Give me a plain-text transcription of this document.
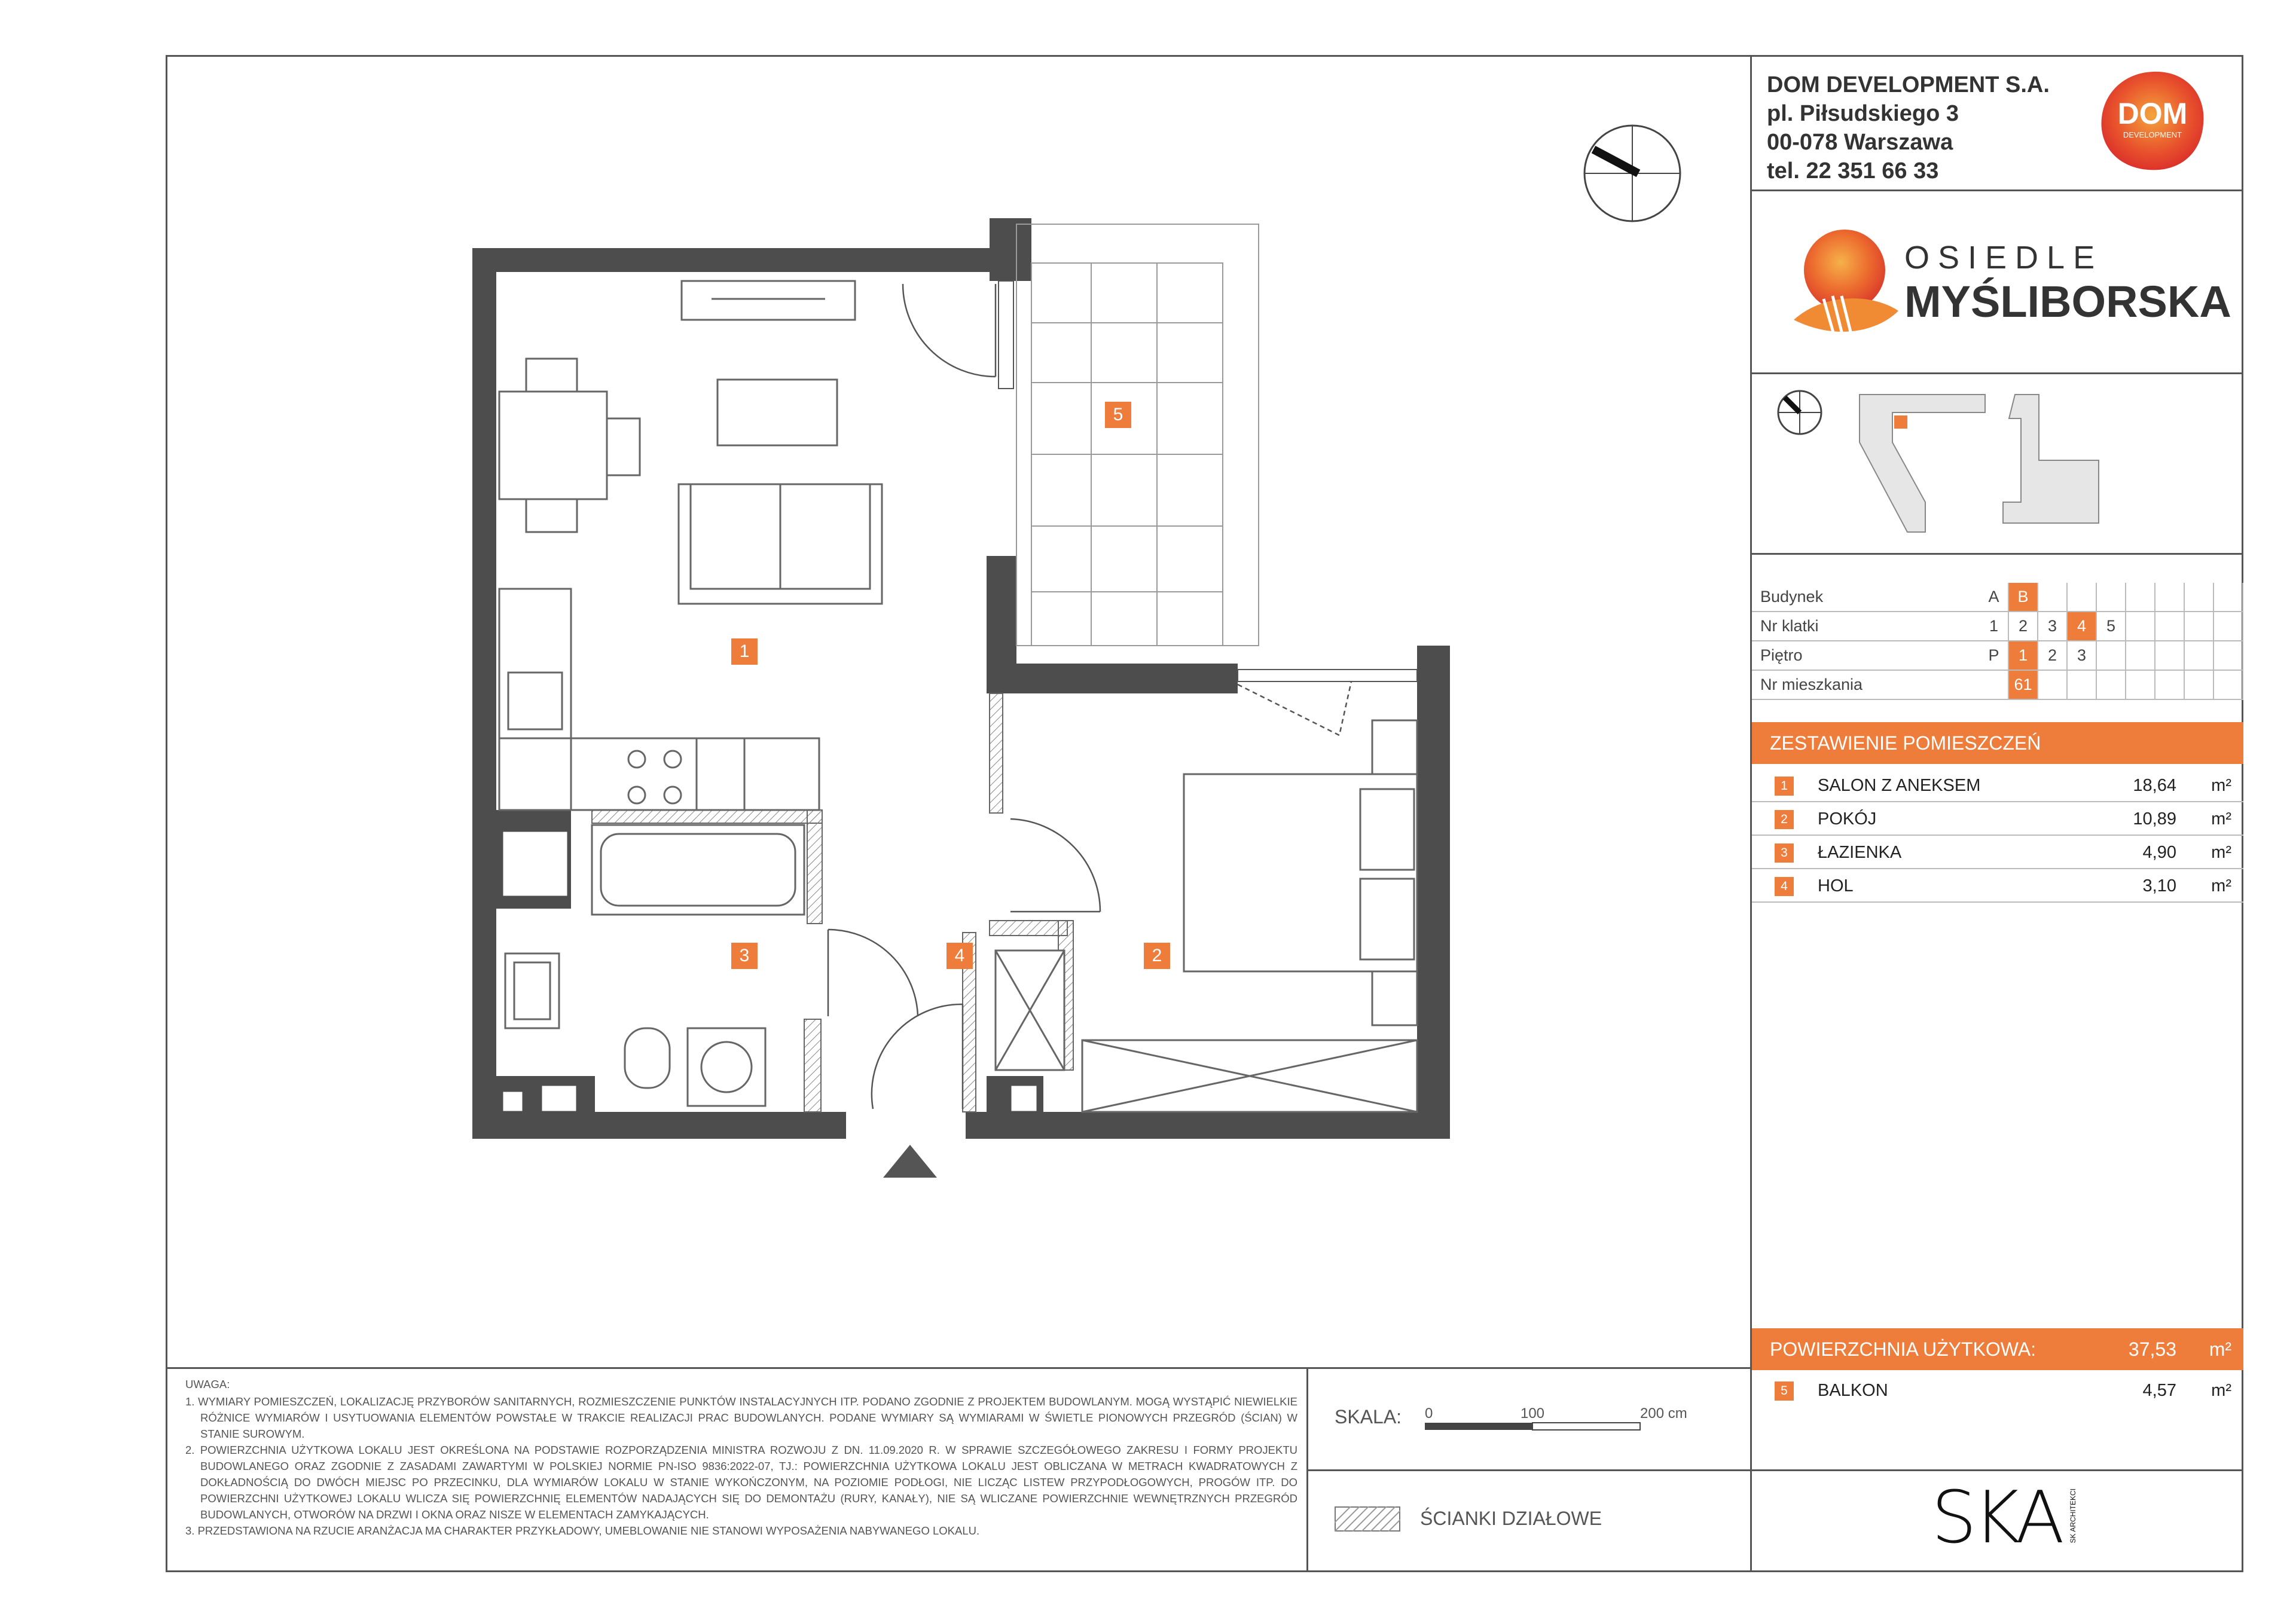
DOM DEVELOPMENT S.A.
pl. Piłsudskiego 3
00-078 Warszawa
tel. 22 351 66 33
DOM
DEVELOPMENT
OSIEDLE
MYŚLIBORSKA
Budynek	A	B							
Nr klatki	1	2	3	4	5				
Piętro	P	1	2	3					
Nr mieszkania		61							
ZESTAWIENIE POMIESZCZEŃ
1	SALON Z ANEKSEM	18,64 m²
2	POKÓJ	10,89 m²
3	ŁAZIENKA	4,90 m²
4	HOL	3,10 m²
POWIERZCHNIA UŻYTKOWA:	37,53 m²
5	BALKON	4,57 m²
UWAGA:

1. WYMIARY POMIESZCZEŃ, LOKALIZACJĘ PRZYBORÓW SANITARNYCH, ROZMIESZCZENIE PUNKTÓW INSTALACYJNYCH ITP. PODANO ZGODNIE Z PROJEKTEM BUDOWLANYM. MOGĄ WYSTĄPIĆ NIEWIELKIE RÓŻNICE WYMIARÓW I USYTUOWANIA ELEMENTÓW POWSTAŁE W TRAKCIE REALIZACJI PRAC BUDOWLANYCH. PODANE WYMIARY SĄ WYMIARAMI W ŚWIETLE PIONOWYCH PRZEGRÓD (ŚCIAN) W STANIE SUROWYM.

2. POWIERZCHNIA UŻYTKOWA LOKALU JEST OKREŚLONA NA PODSTAWIE ROZPORZĄDZENIA MINISTRA ROZWOJU Z DN. 11.09.2020 R. W SPRAWIE SZCZEGÓŁOWEGO ZAKRESU I FORMY PROJEKTU BUDOWLANEGO ORAZ ZGODNIE Z ZASADAMI ZAWARTYMI W POLSKIEJ NORMIE PN-ISO 9836:2022-07, TJ.: POWIERZCHNIA UŻYTKOWA LOKALU JEST OBLICZANA W METRACH KWADRATOWYCH Z DOKŁADNOŚCIĄ DO DWÓCH MIEJSC PO PRZECINKU, DLA WYMIARÓW LOKALU W STANIE WYKOŃCZONYM, NA POZIOMIE PODŁOGI, NIE LICZĄC LISTEW PRZYPODŁOGOWYCH, PROGÓW ITP. DO POWIERZCHNI UŻYTKOWEJ LOKALU WLICZA SIĘ POWIERZCHNIĘ ELEMENTÓW NADAJĄCYCH SIĘ DO DEMONTAŻU (RURY, KANAŁY), NIE SĄ WLICZANE POWIERZCHNIE WEWNĘTRZNYCH PRZEGRÓD BUDOWLANYCH, OTWORÓW NA DRZWI I OKNA ORAZ NISZE W ELEMENTACH ZAMYKAJĄCYCH.

3. PRZEDSTAWIONA NA RZUCIE ARANŻACJA MA CHARAKTER PRZYKŁADOWY, UMEBLOWANIE NIE STANOWI WYPOSAŻENIA NABYWANEGO LOKALU.

SKALA: 0	100	200 cm
ŚCIANKI DZIAŁOWE	SKA SK ARCHITEKCI
1
2
3	4
5
